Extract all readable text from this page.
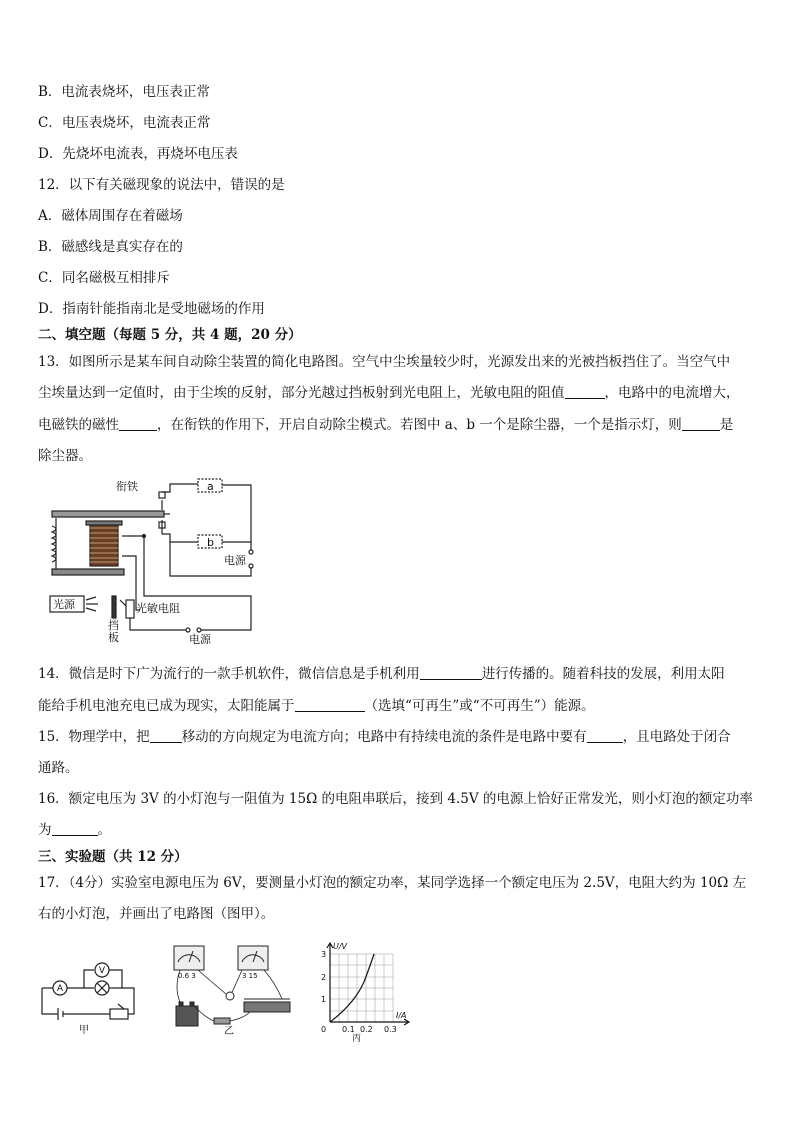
B．电流表烧坏，电压表正常
C．电压表烧坏，电流表正常
D．先烧坏电流表，再烧坏电压表
12．以下有关磁现象的说法中，错误的是
A．磁体周围存在着磁场
B．磁感线是真实存在的
C．同名磁极互相排斥
D．指南针能指南北是受地磁场的作用
二、填空题（每题 5 分，共 4 题，20 分）
13．如图所示是某车间自动除尘装置的简化电路图。空气中尘埃量较少时，光源发出来的光被挡板挡住了。当空气中
尘埃量达到一定值时，由于尘埃的反射，部分光越过挡板射到光电阻上，光敏电阻的阻值	，电路中的电流增大，
电磁铁的磁性	，在衔铁的作用下，开启自动除尘模式。若图中 a、b 一个是除尘器，一个是指示灯，则	是
除尘器。
衔铁	a
b
电源
光源	光敏电阻
挡
板	电源
14．微信是时下广为流行的一款手机软件，微信信息是手机利用	进行传播的。随着科技的发展，利用太阳
能给手机电池充电已成为现实，太阳能属于	（选填“可再生”或“不可再生”）能源。
15．物理学中，把 移动的方向规定为电流方向；电路中有持续电流的条件是电路中要有	，且电路处于闭合
通路。
16．额定电压为 3V 的小灯泡与一阻值为 15Ω 的电阻串联后，接到 4.5V 的电源上恰好正常发光，则小灯泡的额定功率
为	。
三、实验题（共 12 分）
17．（4分）实验室电源电压为 6V，要测量小灯泡的额定功率，某同学选择一个额定电压为 2.5V，电阻大约为 10Ω 左
右的小灯泡，并画出了电路图（图甲）。
A
V
甲
0.6 3	3 15
乙
U/V
I/A
3
2
1
0 0.1 0.2 0.3
丙
